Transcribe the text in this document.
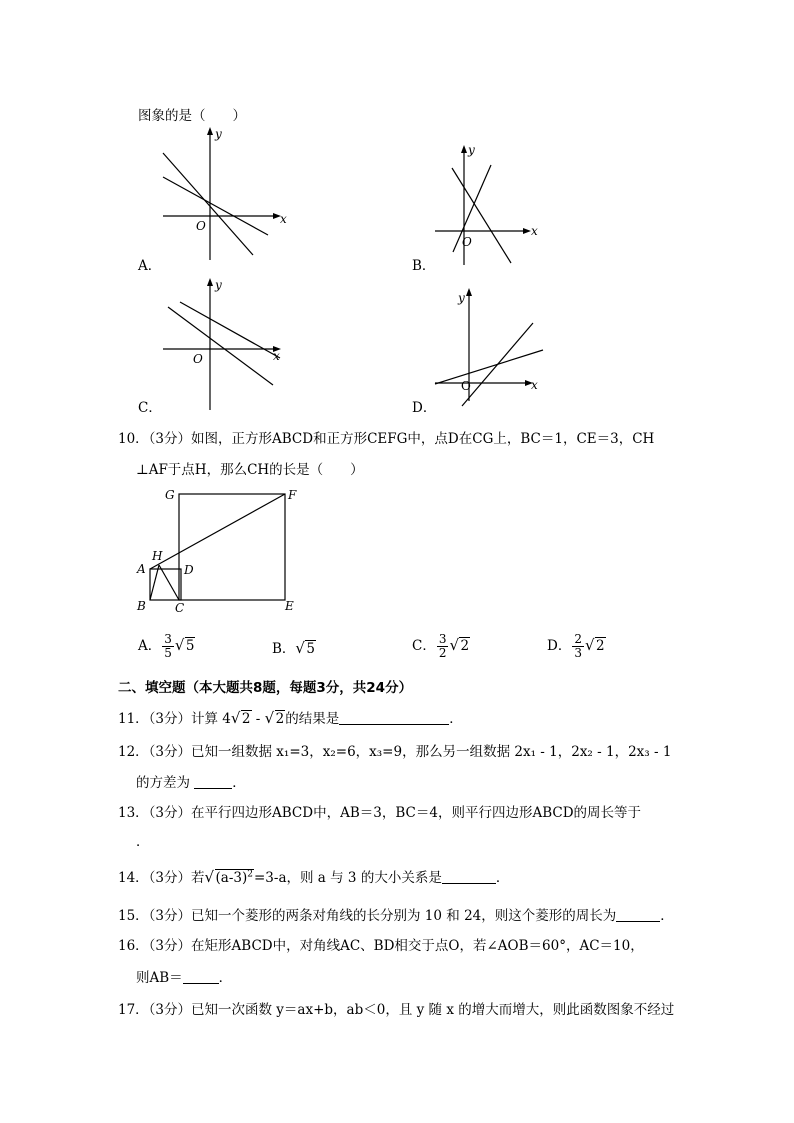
图象的是（　　）
y
x
O
A．
y
x
O
B．
y
x
O
C．
y
x
O
D．
10．（3分）如图，正方形ABCD和正方形CEFG中，点D在CG上，BC＝1，CE＝3，CH
⊥AF于点H，那么CH的长是（　　）
G	F
H
A	D
B C	E
A． $\frac{3}{5}$ √ 5	B． √ 5	C． $\frac{3}{2}$ √ 2	D． $\frac{2}{3}$ √ 2
二、填空题（本大题共8题，每题3分，共24分）
11．（3分）计算 4 √ 2 - √ 2的结果是	．
12．（3分）已知一组数据 x₁=3，x₂=6，x₃=9，那么另一组数据 2x₁ - 1，2x₂ - 1，2x₃ - 1
的方差为	．
13．（3分）在平行四边形ABCD中，AB＝3，BC＝4，则平行四边形ABCD的周长等于
．
14．（3分）若 √ $(a-3)^2=3-a$，则 a 与 3 的大小关系是	．
15．（3分）已知一个菱形的两条对角线的长分别为 10 和 24，则这个菱形的周长为	．
16．（3分）在矩形ABCD中，对角线AC、BD相交于点O，若∠AOB＝60°，AC＝10，
则AB＝	．
17．（3分）已知一次函数 y＝ax+b，ab＜0，且 y 随 x 的增大而增大，则此函数图象不经过
